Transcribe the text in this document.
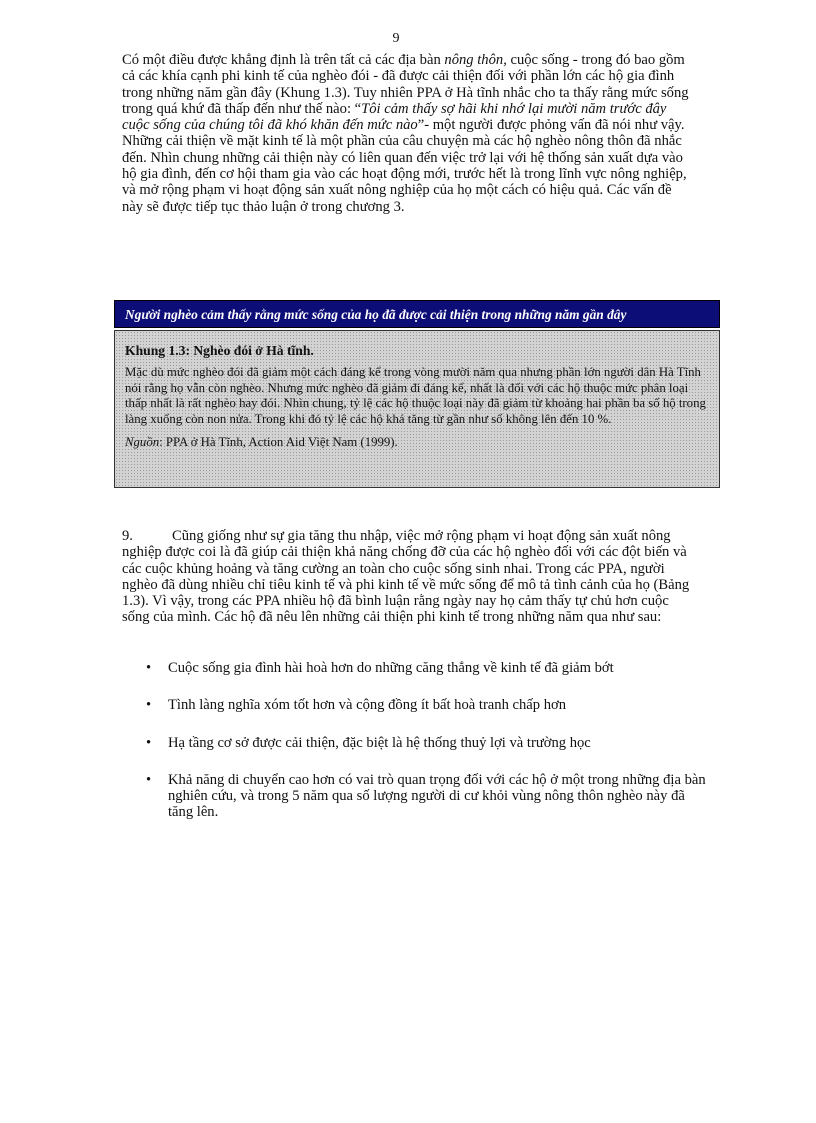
9

Có một điều được khẳng định là trên tất cả các địa bàn nông thôn, cuộc sống - trong đó bao gồm cả các khía cạnh phi kinh tế của nghèo đói - đã được cải thiện đối với phần lớn các hộ gia đình trong những năm gần đây (Khung 1.3). Tuy nhiên PPA ở Hà tĩnh nhắc cho ta thấy rằng mức sống trong quá khứ đã thấp đến như thế nào: “Tôi cảm thấy sợ hãi khi nhớ lại mười năm trước đây cuộc sống của chúng tôi đã khó khăn đến mức nào”- một người được phỏng vấn đã nói như vậy. Những cải thiện về mặt kinh tế là một phần của câu chuyện mà các hộ nghèo nông thôn đã nhắc đến. Nhìn chung những cải thiện này có liên quan đến việc trở lại với hệ thống sản xuất dựa vào hộ gia đình, đến cơ hội tham gia vào các hoạt động mới, trước hết là trong lĩnh vực nông nghiệp, và mở rộng phạm vi hoạt động sản xuất nông nghiệp của họ một cách có hiệu quả. Các vấn đề này sẽ được tiếp tục thảo luận ở trong chương 3.

Người nghèo cảm thấy rằng mức sống của họ đã được cải thiện trong những năm gần đây

Khung 1.3: Nghèo đói ở Hà tĩnh.

Mặc dù mức nghèo đói đã giảm một cách đáng kể trong vòng mười năm qua nhưng phần lớn người dân Hà Tĩnh nói rằng họ vẫn còn nghèo. Nhưng mức nghèo đã giảm đi đáng kể, nhất là đối với các hộ thuộc mức phân loại thấp nhất là rất nghèo hay đói. Nhìn chung, tỷ lệ các hộ thuộc loại này đã giảm từ khoảng hai phần ba số hộ trong làng xuống còn non nửa. Trong khi đó tỷ lệ các hộ khá tăng từ gần như số không lên đến 10 %.

Nguồn: PPA ở Hà Tĩnh, Action Aid Việt Nam (1999).

9.	Cũng giống như sự gia tăng thu nhập, việc mở rộng phạm vi hoạt động sản xuất nông nghiệp được coi là đã giúp cải thiện khả năng chống đỡ của các hộ nghèo đối với các đột biến và các cuộc khủng hoảng và tăng cường an toàn cho cuộc sống sinh nhai. Trong các PPA, người nghèo đã dùng nhiều chỉ tiêu kinh tế và phi kinh tế về mức sống để mô tả tình cảnh của họ (Bảng 1.3). Vì vậy, trong các PPA nhiều hộ đã bình luận rằng ngày nay họ cảm thấy tự chủ hơn cuộc sống của mình. Các hộ đã nêu lên những cải thiện phi kinh tế trong những năm qua như sau:

• Cuộc sống gia đình hài hoà hơn do những căng thẳng về kinh tế đã giảm bớt
• Tình làng nghĩa xóm tốt hơn và cộng đồng ít bất hoà tranh chấp hơn
• Hạ tầng cơ sở được cải thiện, đặc biệt là hệ thống thuỷ lợi và trường học
• Khả năng di chuyển cao hơn có vai trò quan trọng đối với các hộ ở một trong những địa bàn nghiên cứu, và trong 5 năm qua số lượng người di cư khỏi vùng nông thôn nghèo này đã tăng lên.
